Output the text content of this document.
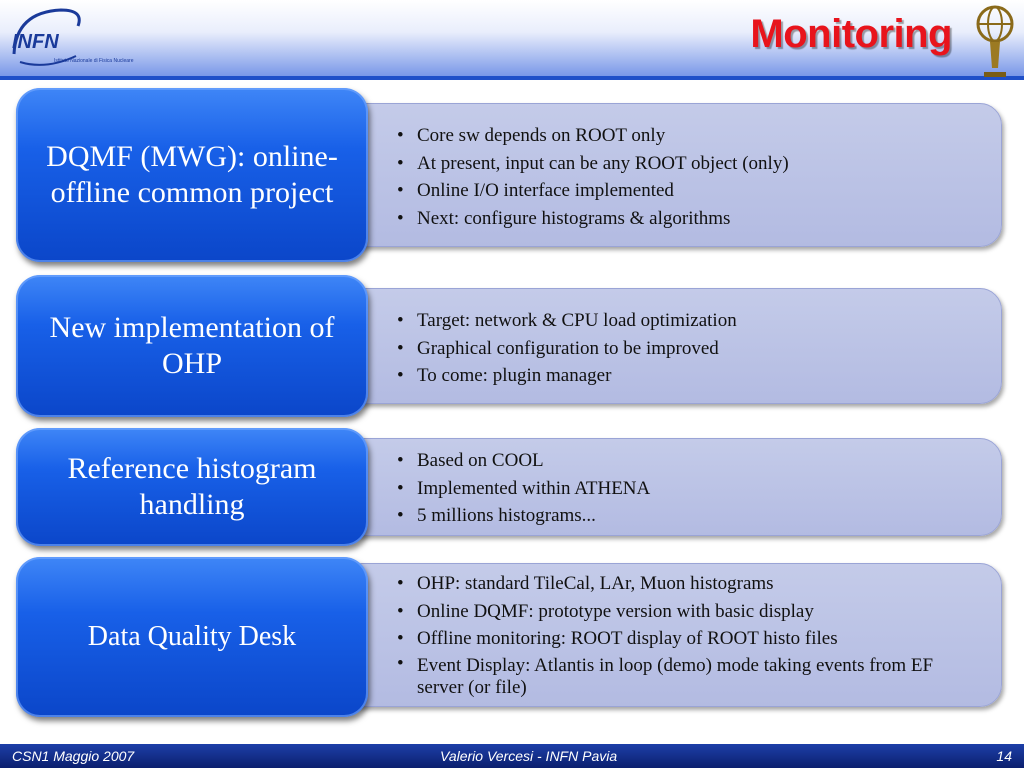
INFN
Istituto Nazionale di Fisica Nucleare
Monitoring
• Core sw depends on ROOT only
• At present, input can be any ROOT object (only)
• Online I/O interface implemented
• Next: configure histograms & algorithms
DQMF (MWG): online-offline common project
• Target: network & CPU load optimization
• Graphical configuration to be improved
• To come: plugin manager
New implementation of OHP
• Based on COOL
• Implemented within ATHENA
• 5 millions histograms...
Reference histogram handling
• OHP: standard TileCal, LAr, Muon histograms
• Online DQMF: prototype version with basic display
• Offline monitoring: ROOT display of ROOT histo files
• Event Display: Atlantis in loop (demo) mode taking events from EF server (or file)
Data Quality Desk
CSN1 Maggio 2007	Valerio Vercesi - INFN Pavia	14
